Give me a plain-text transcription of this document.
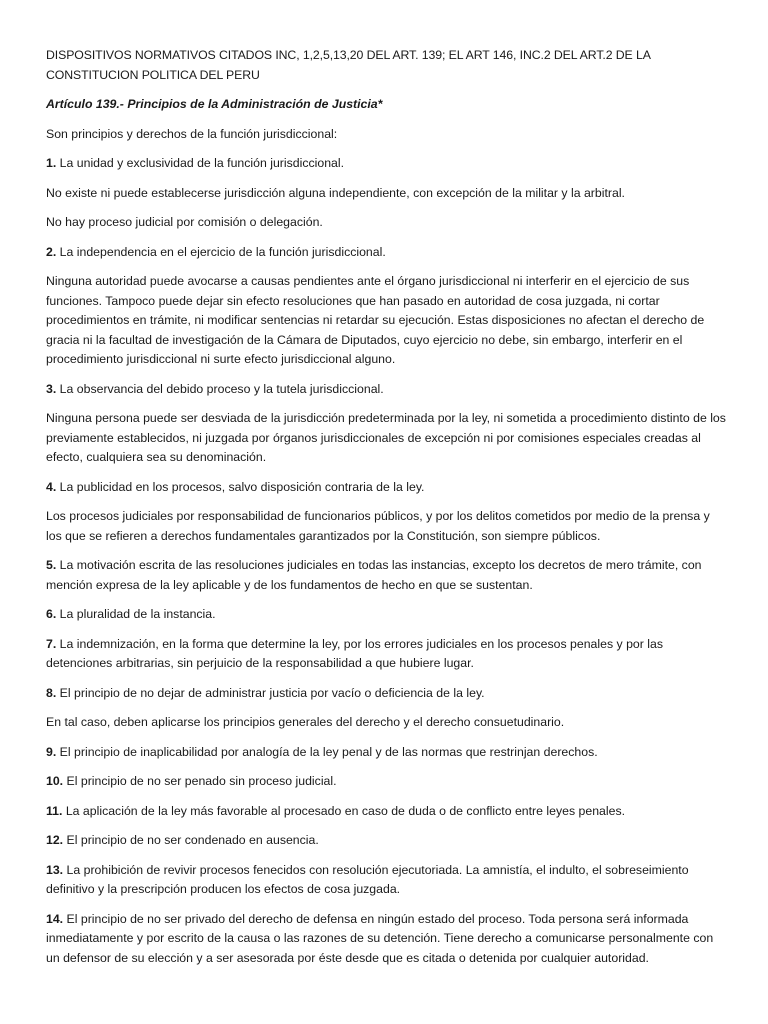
DISPOSITIVOS NORMATIVOS CITADOS INC, 1,2,5,13,20 DEL ART. 139; EL ART 146, INC.2 DEL ART.2 DE LA CONSTITUCION POLITICA DEL PERU

Artículo 139.- Principios de la Administración de Justicia*

Son principios y derechos de la función jurisdiccional:

1. La unidad y exclusividad de la función jurisdiccional.

No existe ni puede establecerse jurisdicción alguna independiente, con excepción de la militar y la arbitral.

No hay proceso judicial por comisión o delegación.

2. La independencia en el ejercicio de la función jurisdiccional.

Ninguna autoridad puede avocarse a causas pendientes ante el órgano jurisdiccional ni interferir en el ejercicio de sus funciones. Tampoco puede dejar sin efecto resoluciones que han pasado en autoridad de cosa juzgada, ni cortar procedimientos en trámite, ni modificar sentencias ni retardar su ejecución. Estas disposiciones no afectan el derecho de gracia ni la facultad de investigación de la Cámara de Diputados, cuyo ejercicio no debe, sin embargo, interferir en el procedimiento jurisdiccional ni surte efecto jurisdiccional alguno.

3. La observancia del debido proceso y la tutela jurisdiccional.

Ninguna persona puede ser desviada de la jurisdicción predeterminada por la ley, ni sometida a procedimiento distinto de los previamente establecidos, ni juzgada por órganos jurisdiccionales de excepción ni por comisiones especiales creadas al efecto, cualquiera sea su denominación.

4. La publicidad en los procesos, salvo disposición contraria de la ley.

Los procesos judiciales por responsabilidad de funcionarios públicos, y por los delitos cometidos por medio de la prensa y los que se refieren a derechos fundamentales garantizados por la Constitución, son siempre públicos.

5. La motivación escrita de las resoluciones judiciales en todas las instancias, excepto los decretos de mero trámite, con mención expresa de la ley aplicable y de los fundamentos de hecho en que se sustentan.

6. La pluralidad de la instancia.

7. La indemnización, en la forma que determine la ley, por los errores judiciales en los procesos penales y por las detenciones arbitrarias, sin perjuicio de la responsabilidad a que hubiere lugar.

8. El principio de no dejar de administrar justicia por vacío o deficiencia de la ley.

En tal caso, deben aplicarse los principios generales del derecho y el derecho consuetudinario.

9. El principio de inaplicabilidad por analogía de la ley penal y de las normas que restrinjan derechos.

10. El principio de no ser penado sin proceso judicial.

11. La aplicación de la ley más favorable al procesado en caso de duda o de conflicto entre leyes penales.

12. El principio de no ser condenado en ausencia.

13. La prohibición de revivir procesos fenecidos con resolución ejecutoriada. La amnistía, el indulto, el sobreseimiento definitivo y la prescripción producen los efectos de cosa juzgada.

14. El principio de no ser privado del derecho de defensa en ningún estado del proceso. Toda persona será informada inmediatamente y por escrito de la causa o las razones de su detención. Tiene derecho a comunicarse personalmente con un defensor de su elección y a ser asesorada por éste desde que es citada o detenida por cualquier autoridad.
